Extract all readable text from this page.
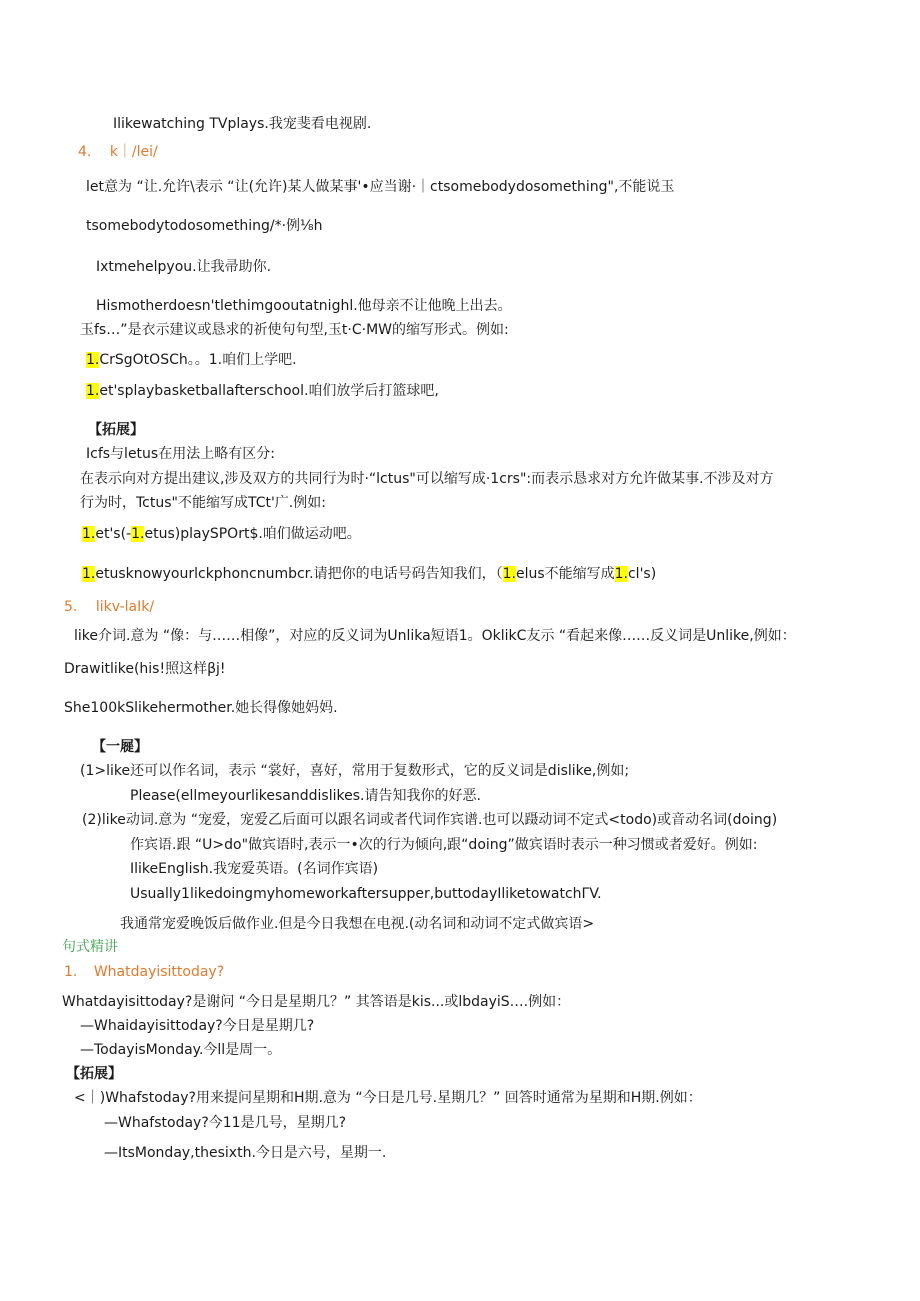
Ilikewatching TVplays.我宠斐看电视剧.
4. k｜/lei/
let意为 “让.允许\表示 “让(允许)某人做某事'•应当谢·｜ctsomebodydosomething",不能说玉
tsomebodytodosomething/*·例⅛h
Ixtmehelpyou.让我帚助你.
Hismotherdoesn'tlethimgooutatnighl.他母亲不让他晚上出去。
玉fs…”是衣示建议或恳求的祈使句句型,玉t·C·MW的缩写形式。例如:
1.CrSgOtOSCh。。1.咱们上学吧.
1.et'splaybasketballafterschool.咱们放学后打篮球吧,
【拓展】
Icfs与letus在用法上略有区分:
在表示向对方提出建议,涉及双方的共同行为时·“lctus"可以缩写成·1crs":而表示恳求对方允许做某事.不涉及对方
行为时，Tctus"不能缩写成TCt'广.例如:
1.et's(-1.etus)playSPOrt$.咱们做运动吧。
1.etusknowyourlckphoncnumbcr.请把你的电话号码告知我们，（1.elus不能缩写成1.cl's)
5. likv-laIk/
like介词.意为 “像：与……相像”，对应的反义词为Unlika短语1。OklikC友示 “看起来像……反义词是Unlike,例如：
Drawitlike(his!照这样βj!
She100kSlikehermother.她长得像她妈妈.
【一屣】
(1>like还可以作名词，表示 “裳好，喜好，常用于复数形式，它的反义词是dislike,例如;
Please(ellmeyourlikesanddislikes.请告知我你的好恶.
(2)like动词.意为 “宠爱，宠爱乙后面可以跟名词或者代词作宾谱.也可以蹑动词不定式<todo)或音动名词(doing)
作宾语.跟 “U>do"做宾语时,表示一•次的行为倾向,跟“doing”做宾语时表示一种习惯或者爱好。例如:
IlikeEnglish.我宠爱英语。(名词作宾语)
Usually1likedoingmyhomeworkaftersupper,buttodayIliketowatchΓV.
我通常宠爱晚饭后做作业.但是今日我想在电视.(动名词和动词不定式做宾语>
句式精讲
1. Whatdayisittoday?
Whatdayisittoday?是谢问 “今日是星期几？” 其答语是kis...或lbdayiS….例如：
—Whaidayisittoday?今日是星期几?
—TodayisMonday.今ll是周一。
【拓展】
<｜)Whafstoday?用来提问星期和H期.意为 “今日是几号.星期几？” 回答时通常为星期和H期.例如：
—Whafstoday?今11是几号，星期几?
—ItsMonday,thesixth.今日是六号，星期一.
